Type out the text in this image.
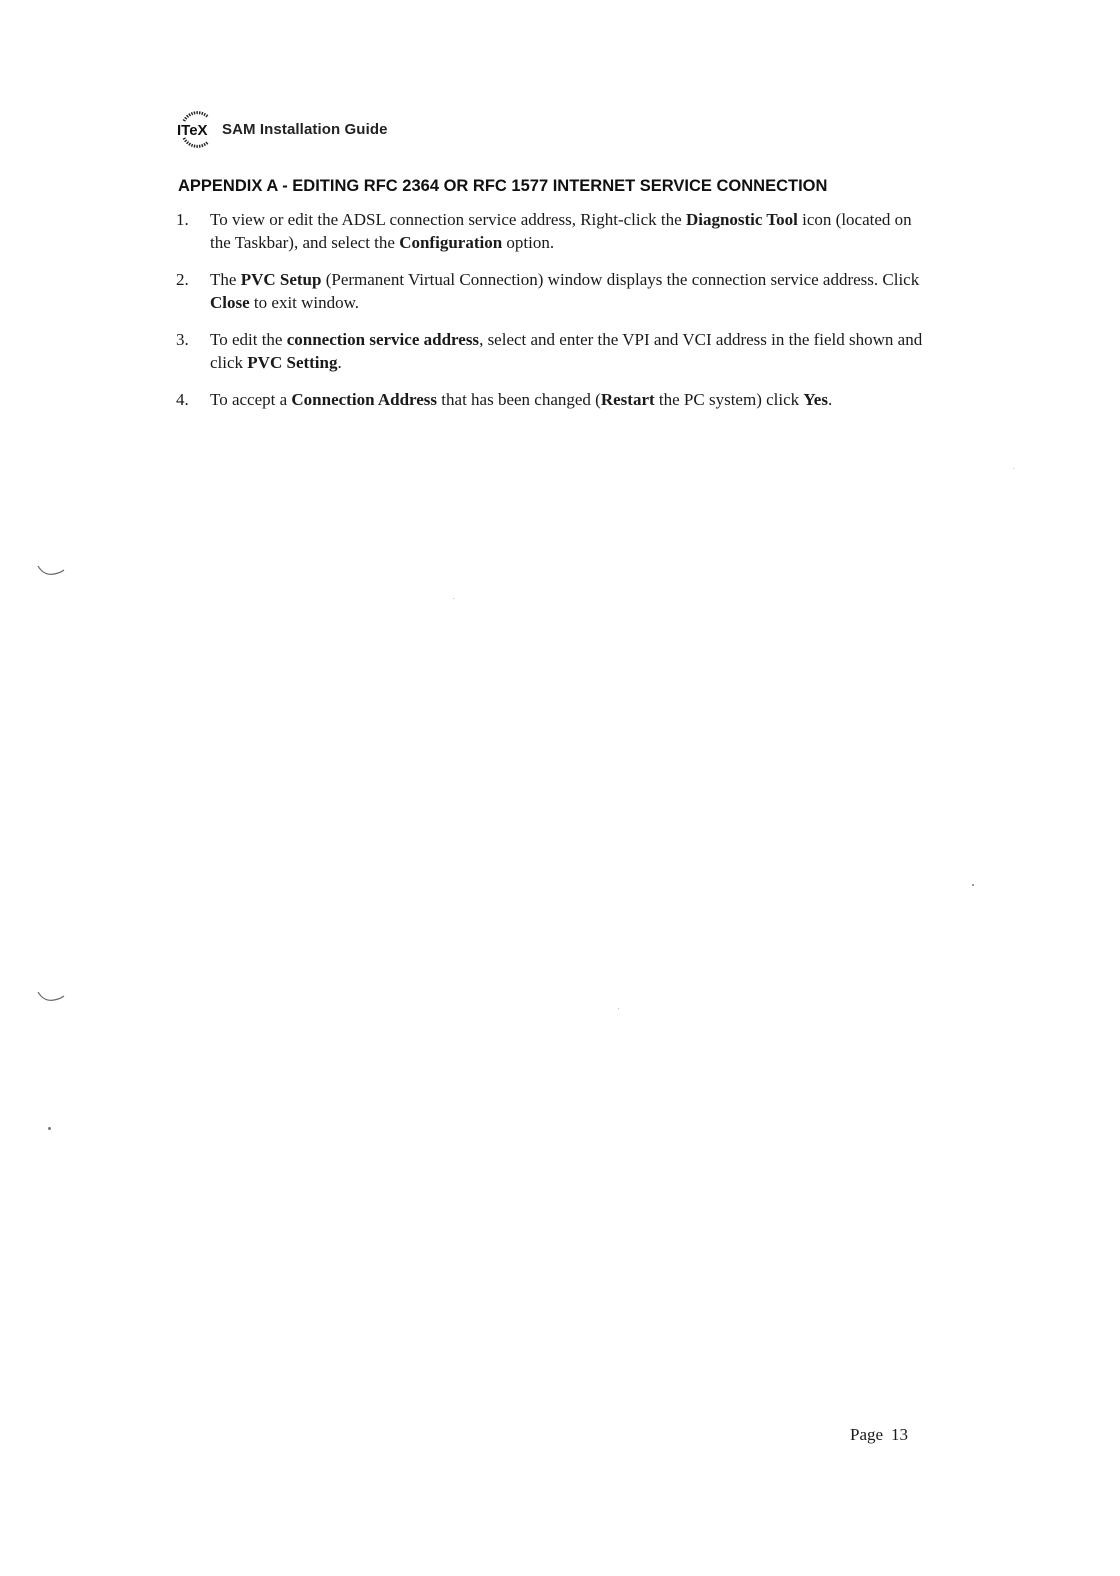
ITeX SAM Installation Guide
APPENDIX A - EDITING RFC 2364 OR RFC 1577 INTERNET SERVICE CONNECTION
1.	To view or edit the ADSL connection service address, Right-click the Diagnostic Tool icon (located on the Taskbar), and select the Configuration option.
2.	The PVC Setup (Permanent Virtual Connection) window displays the connection service address. Click Close to exit window.
3.	To edit the connection service address, select and enter the VPI and VCI address in the field shown and click PVC Setting.
4.	To accept a Connection Address that has been changed (Restart the PC system) click Yes.
Page 13
